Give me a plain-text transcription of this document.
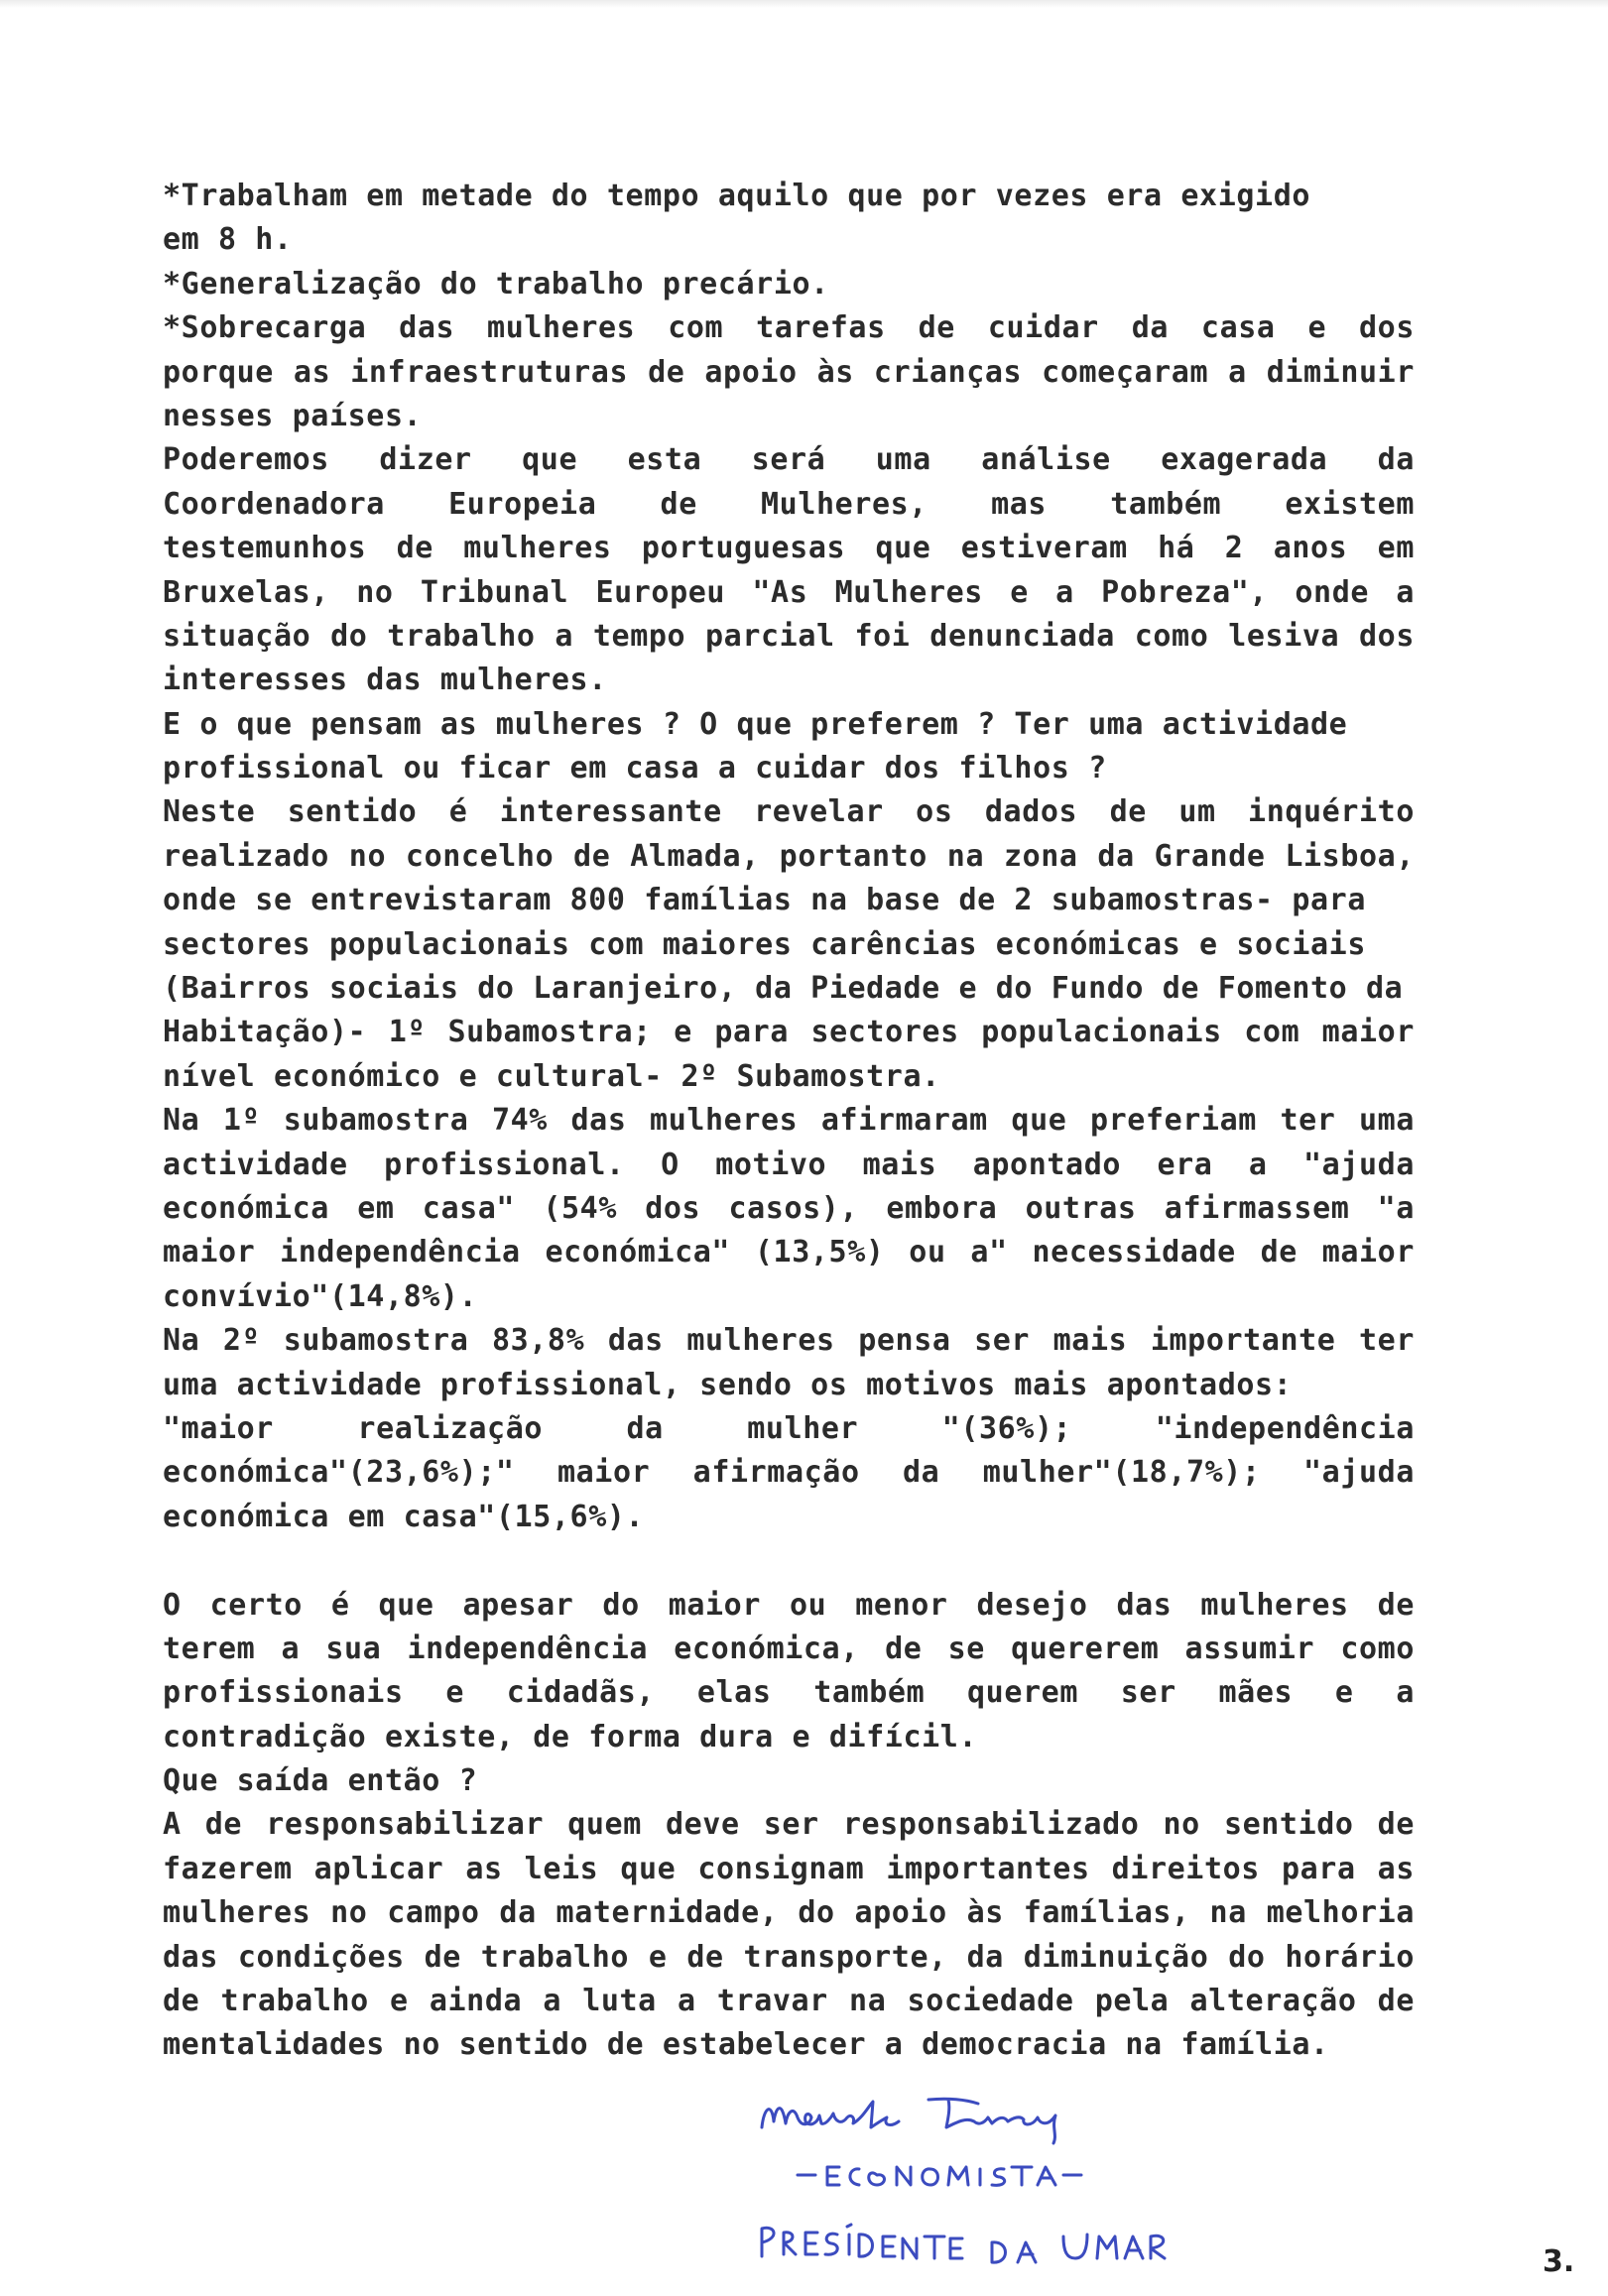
*Trabalham em metade do tempo aquilo que por vezes era exigido
em 8 h.
*Generalização do trabalho precário.
*Sobrecarga das mulheres com tarefas de cuidar da casa e dos
porque as infraestruturas de apoio às crianças começaram a diminuir
nesses países.
Poderemos dizer que esta será uma análise exagerada da
Coordenadora Europeia de Mulheres, mas também existem
testemunhos de mulheres portuguesas que estiveram há 2 anos em
Bruxelas, no Tribunal Europeu "As Mulheres e a Pobreza", onde a
situação do trabalho a tempo parcial foi denunciada como lesiva dos
interesses das mulheres.
E o que pensam as mulheres ? O que preferem ? Ter uma actividade
profissional ou ficar em casa a cuidar dos filhos ?
Neste sentido é interessante revelar os dados de um inquérito
realizado no concelho de Almada, portanto na zona da Grande Lisboa,
onde se entrevistaram 800 famílias na base de 2 subamostras- para
sectores populacionais com maiores carências económicas e sociais
(Bairros sociais do Laranjeiro, da Piedade e do Fundo de Fomento da
Habitação)- 1º Subamostra; e para sectores populacionais com maior
nível económico e cultural- 2º Subamostra.
Na 1º subamostra 74% das mulheres afirmaram que preferiam ter uma
actividade profissional. O motivo mais apontado era a "ajuda
económica em casa" (54% dos casos), embora outras afirmassem "a
maior independência económica" (13,5%) ou a" necessidade de maior
convívio"(14,8%).
Na 2º subamostra 83,8% das mulheres pensa ser mais importante ter
uma actividade profissional, sendo os motivos mais apontados:
"maior realização da mulher "(36%); "independência
económica"(23,6%);" maior afirmação da mulher"(18,7%); "ajuda
económica em casa"(15,6%).
O certo é que apesar do maior ou menor desejo das mulheres de
terem a sua independência económica, de se quererem assumir como
profissionais e cidadãs, elas também querem ser mães e a
contradição existe, de forma dura e difícil.
Que saída então ?
A de responsabilizar quem deve ser responsabilizado no sentido de
fazerem aplicar as leis que consignam importantes direitos para as
mulheres no campo da maternidade, do apoio às famílias, na melhoria
das condições de trabalho e de transporte, da diminuição do horário
de trabalho e ainda a luta a travar na sociedade pela alteração de
mentalidades no sentido de estabelecer a democracia na família.
3.
